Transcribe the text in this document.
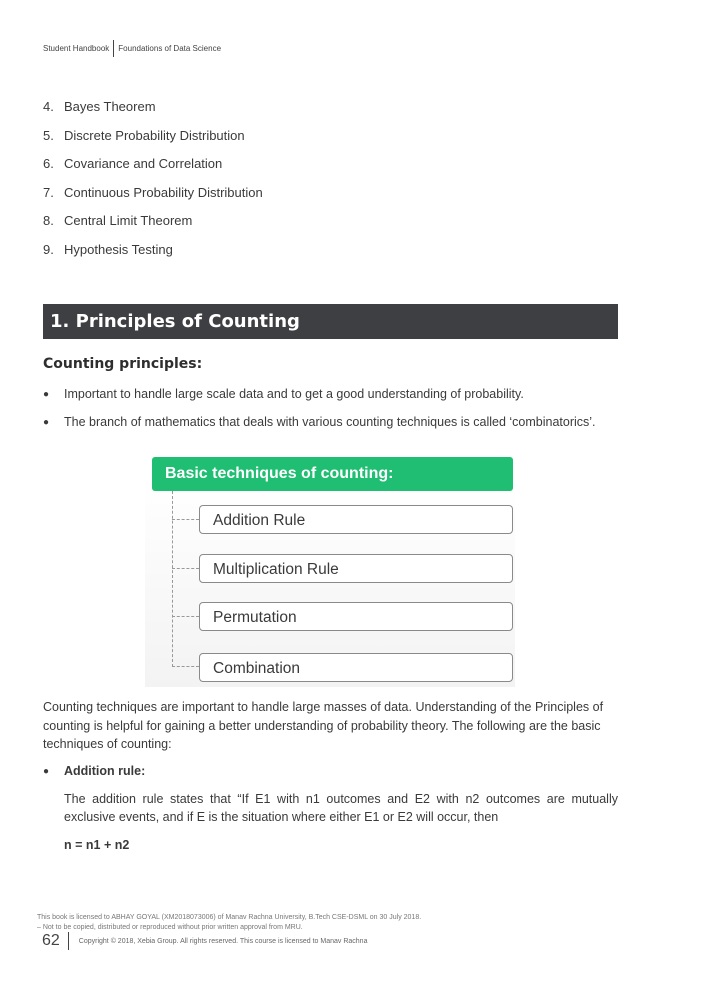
Student Handbook Foundations of Data Science
4. Bayes Theorem
5. Discrete Probability Distribution
6. Covariance and Correlation
7. Continuous Probability Distribution
8. Central Limit Theorem
9. Hypothesis Testing
1. Principles of Counting
Counting principles:
●	Important to handle large scale data and to get a good understanding of probability.
●	The branch of mathematics that deals with various counting techniques is called ‘combinatorics’.
Basic techniques of counting:
Addition Rule
Multiplication Rule
Permutation
Combination
Counting techniques are important to handle large masses of data. Understanding of the Principles of counting is helpful for gaining a better understanding of probability theory. The following are the basic techniques of counting:
●	Addition rule:
The addition rule states that “If E1 with n1 outcomes and E2 with n2 outcomes are mutually exclusive events, and if E is the situation where either E1 or E2 will occur, then
n = n1 + n2
This book is licensed to ABHAY GOYAL (XM2018073006) of Manav Rachna University, B.Tech CSE-DSML on 30 July 2018.
– Not to be copied, distributed or reproduced without prior written approval from MRU.
62	Copyright © 2018, Xebia Group. All rights reserved. This course is licensed to Manav Rachna
